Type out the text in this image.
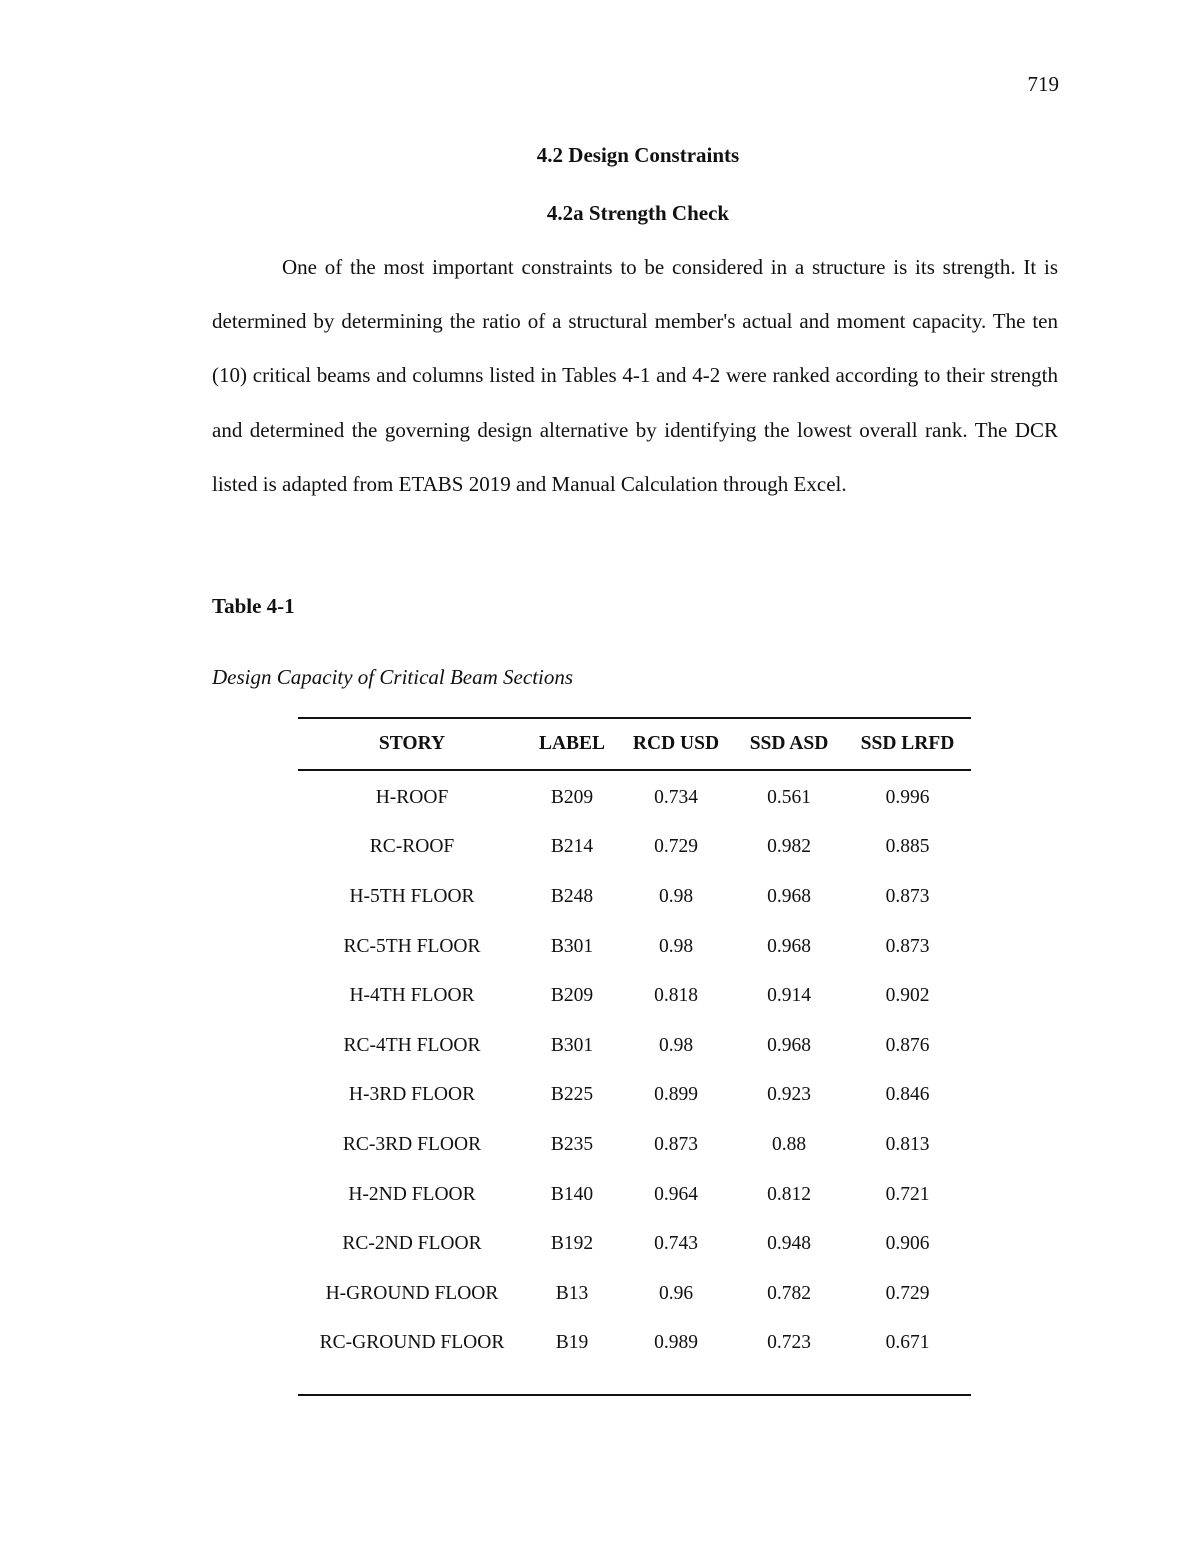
719
4.2 Design Constraints
4.2a Strength Check

One of the most important constraints to be considered in a structure is its strength. It is determined by determining the ratio of a structural member's actual and moment capacity. The ten (10) critical beams and columns listed in Tables 4-1 and 4-2 were ranked according to their strength and determined the governing design alternative by identifying the lowest overall rank. The DCR listed is adapted from ETABS 2019 and Manual Calculation through Excel.

Table 4-1
Design Capacity of Critical Beam Sections
STORY	LABEL	RCD USD	SSD ASD	SSD LRFD
H-ROOF	B209	0.734	0.561	0.996
RC-ROOF	B214	0.729	0.982	0.885
H-5TH FLOOR	B248	0.98	0.968	0.873
RC-5TH FLOOR	B301	0.98	0.968	0.873
H-4TH FLOOR	B209	0.818	0.914	0.902
RC-4TH FLOOR	B301	0.98	0.968	0.876
H-3RD FLOOR	B225	0.899	0.923	0.846
RC-3RD FLOOR	B235	0.873	0.88	0.813
H-2ND FLOOR	B140	0.964	0.812	0.721
RC-2ND FLOOR	B192	0.743	0.948	0.906
H-GROUND FLOOR	B13	0.96	0.782	0.729
RC-GROUND FLOOR	B19	0.989	0.723	0.671
